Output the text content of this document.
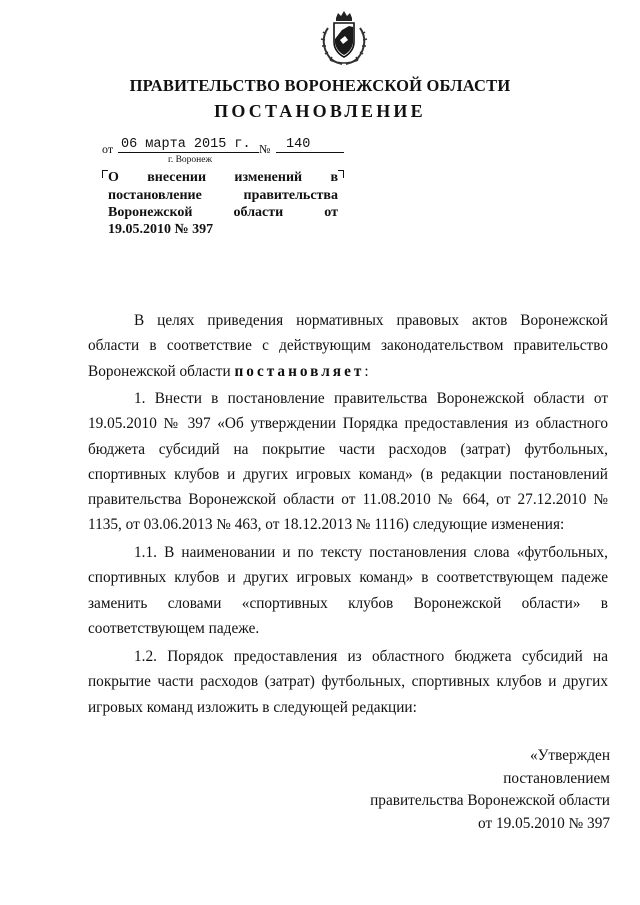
ПРАВИТЕЛЬСТВО ВОРОНЕЖСКОЙ ОБЛАСТИ
ПОСТАНОВЛЕНИЕ
от 06 марта 2015 г. №	140
г. Воронеж
О внесении изменений в постановление правительства Воронежской области от
19.05.2010 № 397
В целях приведения нормативных правовых актов Воронежской области в соответствие с действующим законодательством правительство Воронежской области постановляет:
1. Внести в постановление правительства Воронежской области от 19.05.2010 № 397 «Об утверждении Порядка предоставления из областного бюджета субсидий на покрытие части расходов (затрат) футбольных, спортивных клубов и других игровых команд» (в редакции постановлений правительства Воронежской области от 11.08.2010 № 664, от 27.12.2010 № 1135, от 03.06.2013 № 463, от 18.12.2013 № 1116) следующие изменения:
1.1. В наименовании и по тексту постановления слова «футбольных, спортивных клубов и других игровых команд» в соответствующем падеже заменить словами «спортивных клубов Воронежской области» в соответствующем падеже.
1.2. Порядок предоставления из областного бюджета субсидий на покрытие части расходов (затрат) футбольных, спортивных клубов и других игровых команд изложить в следующей редакции:
«Утвержден
постановлением
правительства Воронежской области
от 19.05.2010 № 397
